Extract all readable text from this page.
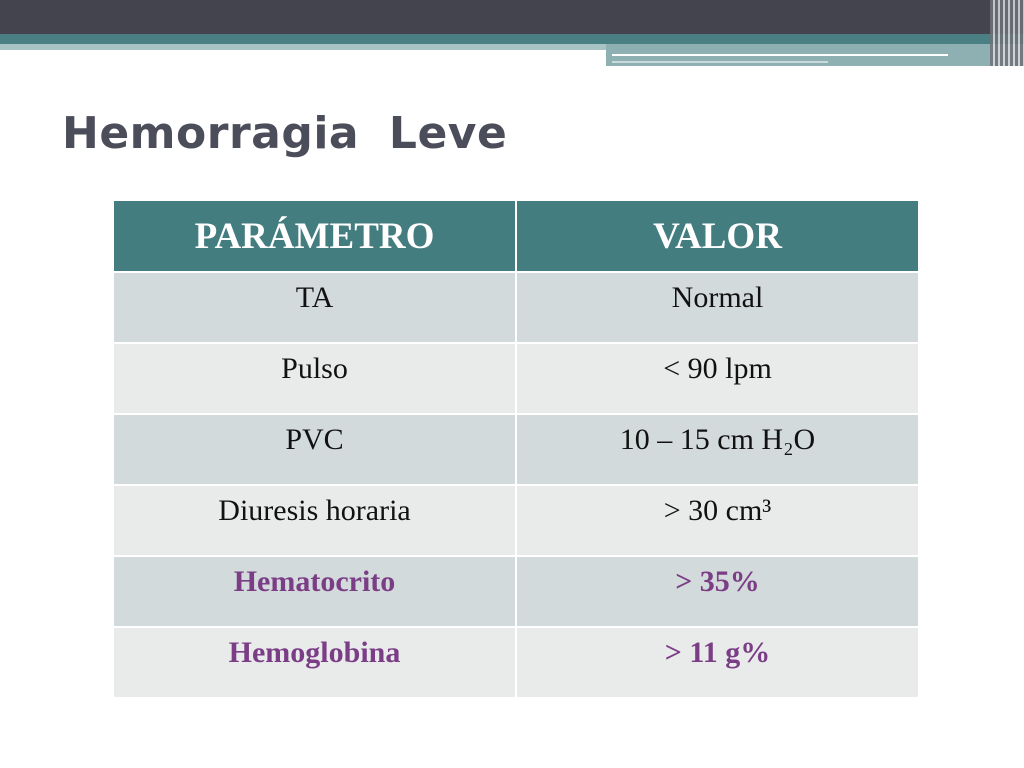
Hemorragia Leve
PARÁMETRO	VALOR
TA	Normal
Pulso	< 90 lpm
PVC	10 – 15 cm H₂O
Diuresis horaria	> 30 cm³
Hematocrito	> 35%
Hemoglobina	> 11 g%
